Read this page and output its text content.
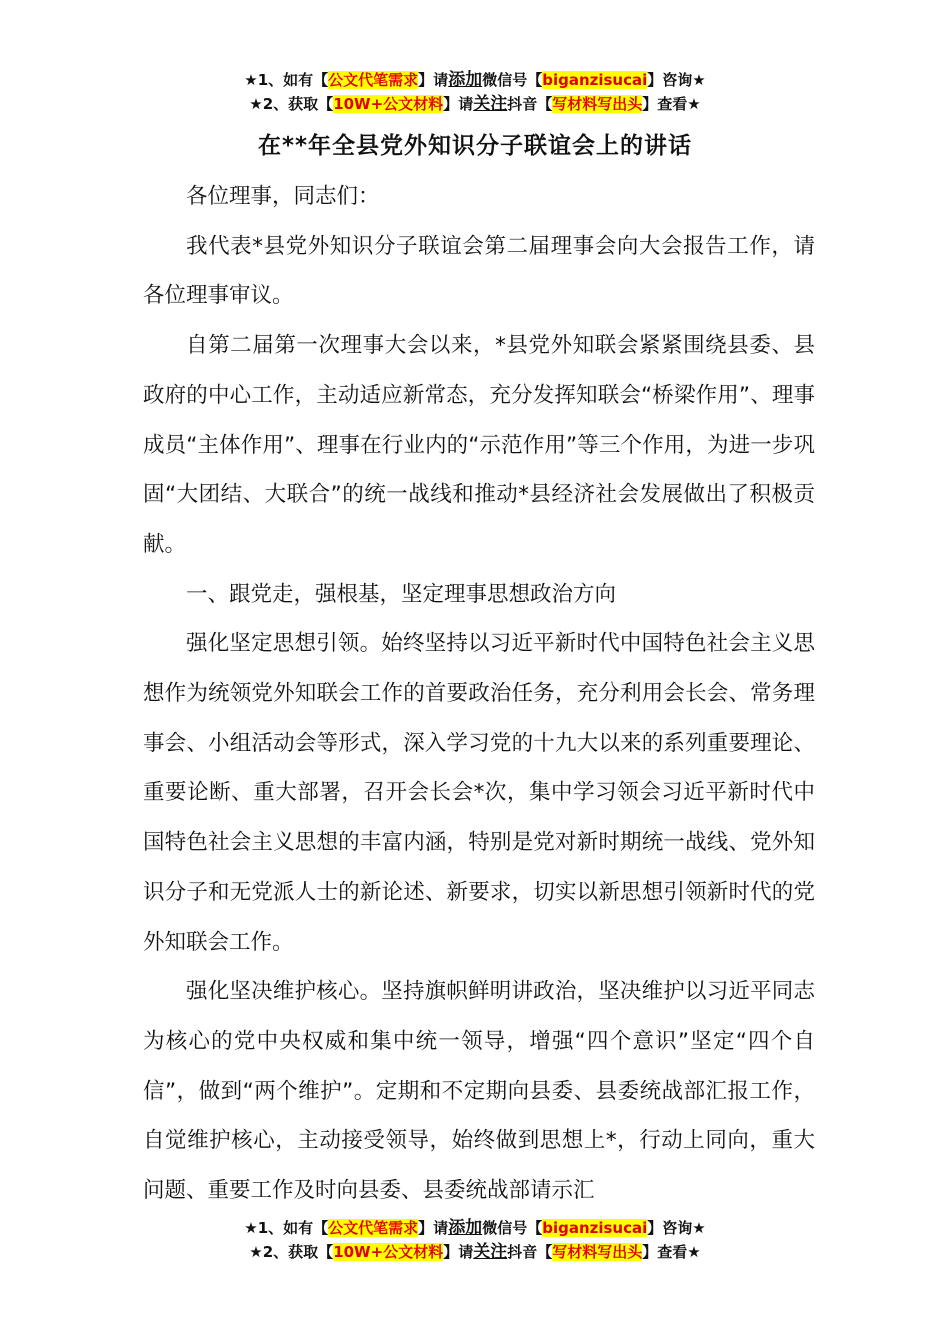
★1、如有【公文代笔需求】请添加微信号【biganzisucai】咨询★
★2、获取【10W+公文材料】请关注抖音【写材料写出头】查看★
在**年全县党外知识分子联谊会上的讲话

各位理事，同志们：

我代表*县党外知识分子联谊会第二届理事会向大会报告工作，请各位理事审议。

自第二届第一次理事大会以来，*县党外知联会紧紧围绕县委、县政府的中心工作，主动适应新常态，充分发挥知联会“桥梁作用”、理事成员“主体作用”、理事在行业内的“示范作用”等三个作用，为进一步巩固“大团结、大联合”的统一战线和推动*县经济社会发展做出了积极贡献。

一、跟党走，强根基，坚定理事思想政治方向

强化坚定思想引领。始终坚持以习近平新时代中国特色社会主义思想作为统领党外知联会工作的首要政治任务，充分利用会长会、常务理事会、小组活动会等形式，深入学习党的十九大以来的系列重要理论、重要论断、重大部署，召开会长会*次，集中学习领会习近平新时代中国特色社会主义思想的丰富内涵，特别是党对新时期统一战线、党外知识分子和无党派人士的新论述、新要求，切实以新思想引领新时代的党外知联会工作。

强化坚决维护核心。坚持旗帜鲜明讲政治，坚决维护以习近平同志为核心的党中央权威和集中统一领导，增强“四个意识”坚定“四个自信”，做到“两个维护”。定期和不定期向县委、县委统战部汇报工作，自觉维护核心，主动接受领导，始终做到思想上*，行动上同向，重大问题、重要工作及时向县委、县委统战部请示汇

★1、如有【公文代笔需求】请添加微信号【biganzisucai】咨询★
★2、获取【10W+公文材料】请关注抖音【写材料写出头】查看★
